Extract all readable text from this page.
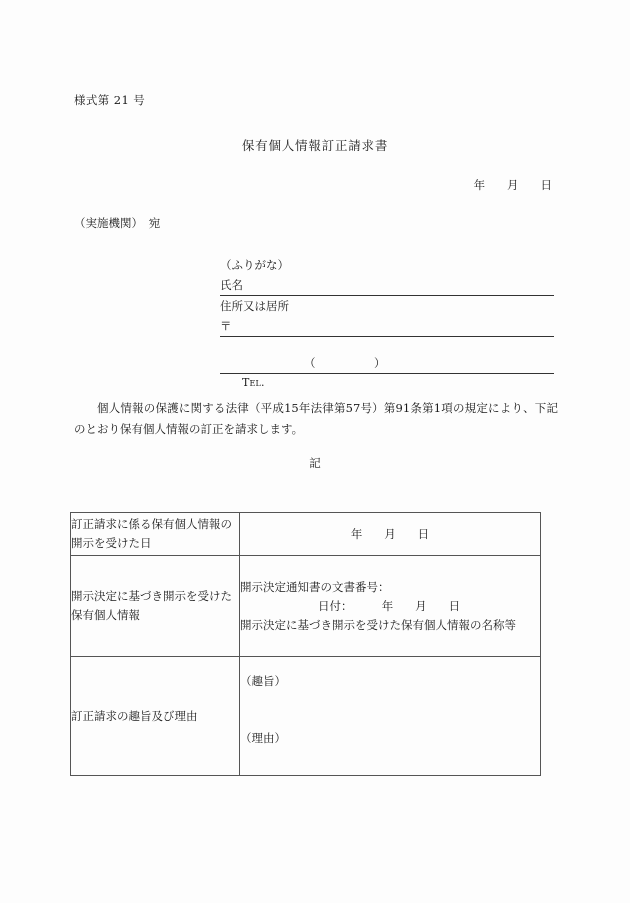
様式第 21 号
保有個人情報訂正請求書
年      月      日
（実施機関）　宛
（ふりがな）
氏名
住所又は居所
〒

Tel.
（                ）

個人情報の保護に関する法律（平成15年法律第57号）第91条第1項の規定により、下記のとおり保有個人情報の訂正を請求します。
記
訂正請求に係る保有個人情報の開示を受けた日	年      月      日
開示決定に基づき開示を受けた保有個人情報	開示決定通知書の文書番号：
日付：        年      月      日
開示決定に基づき開示を受けた保有個人情報の名称等

訂正請求の趣旨及び理由	（趣旨）
（理由）
